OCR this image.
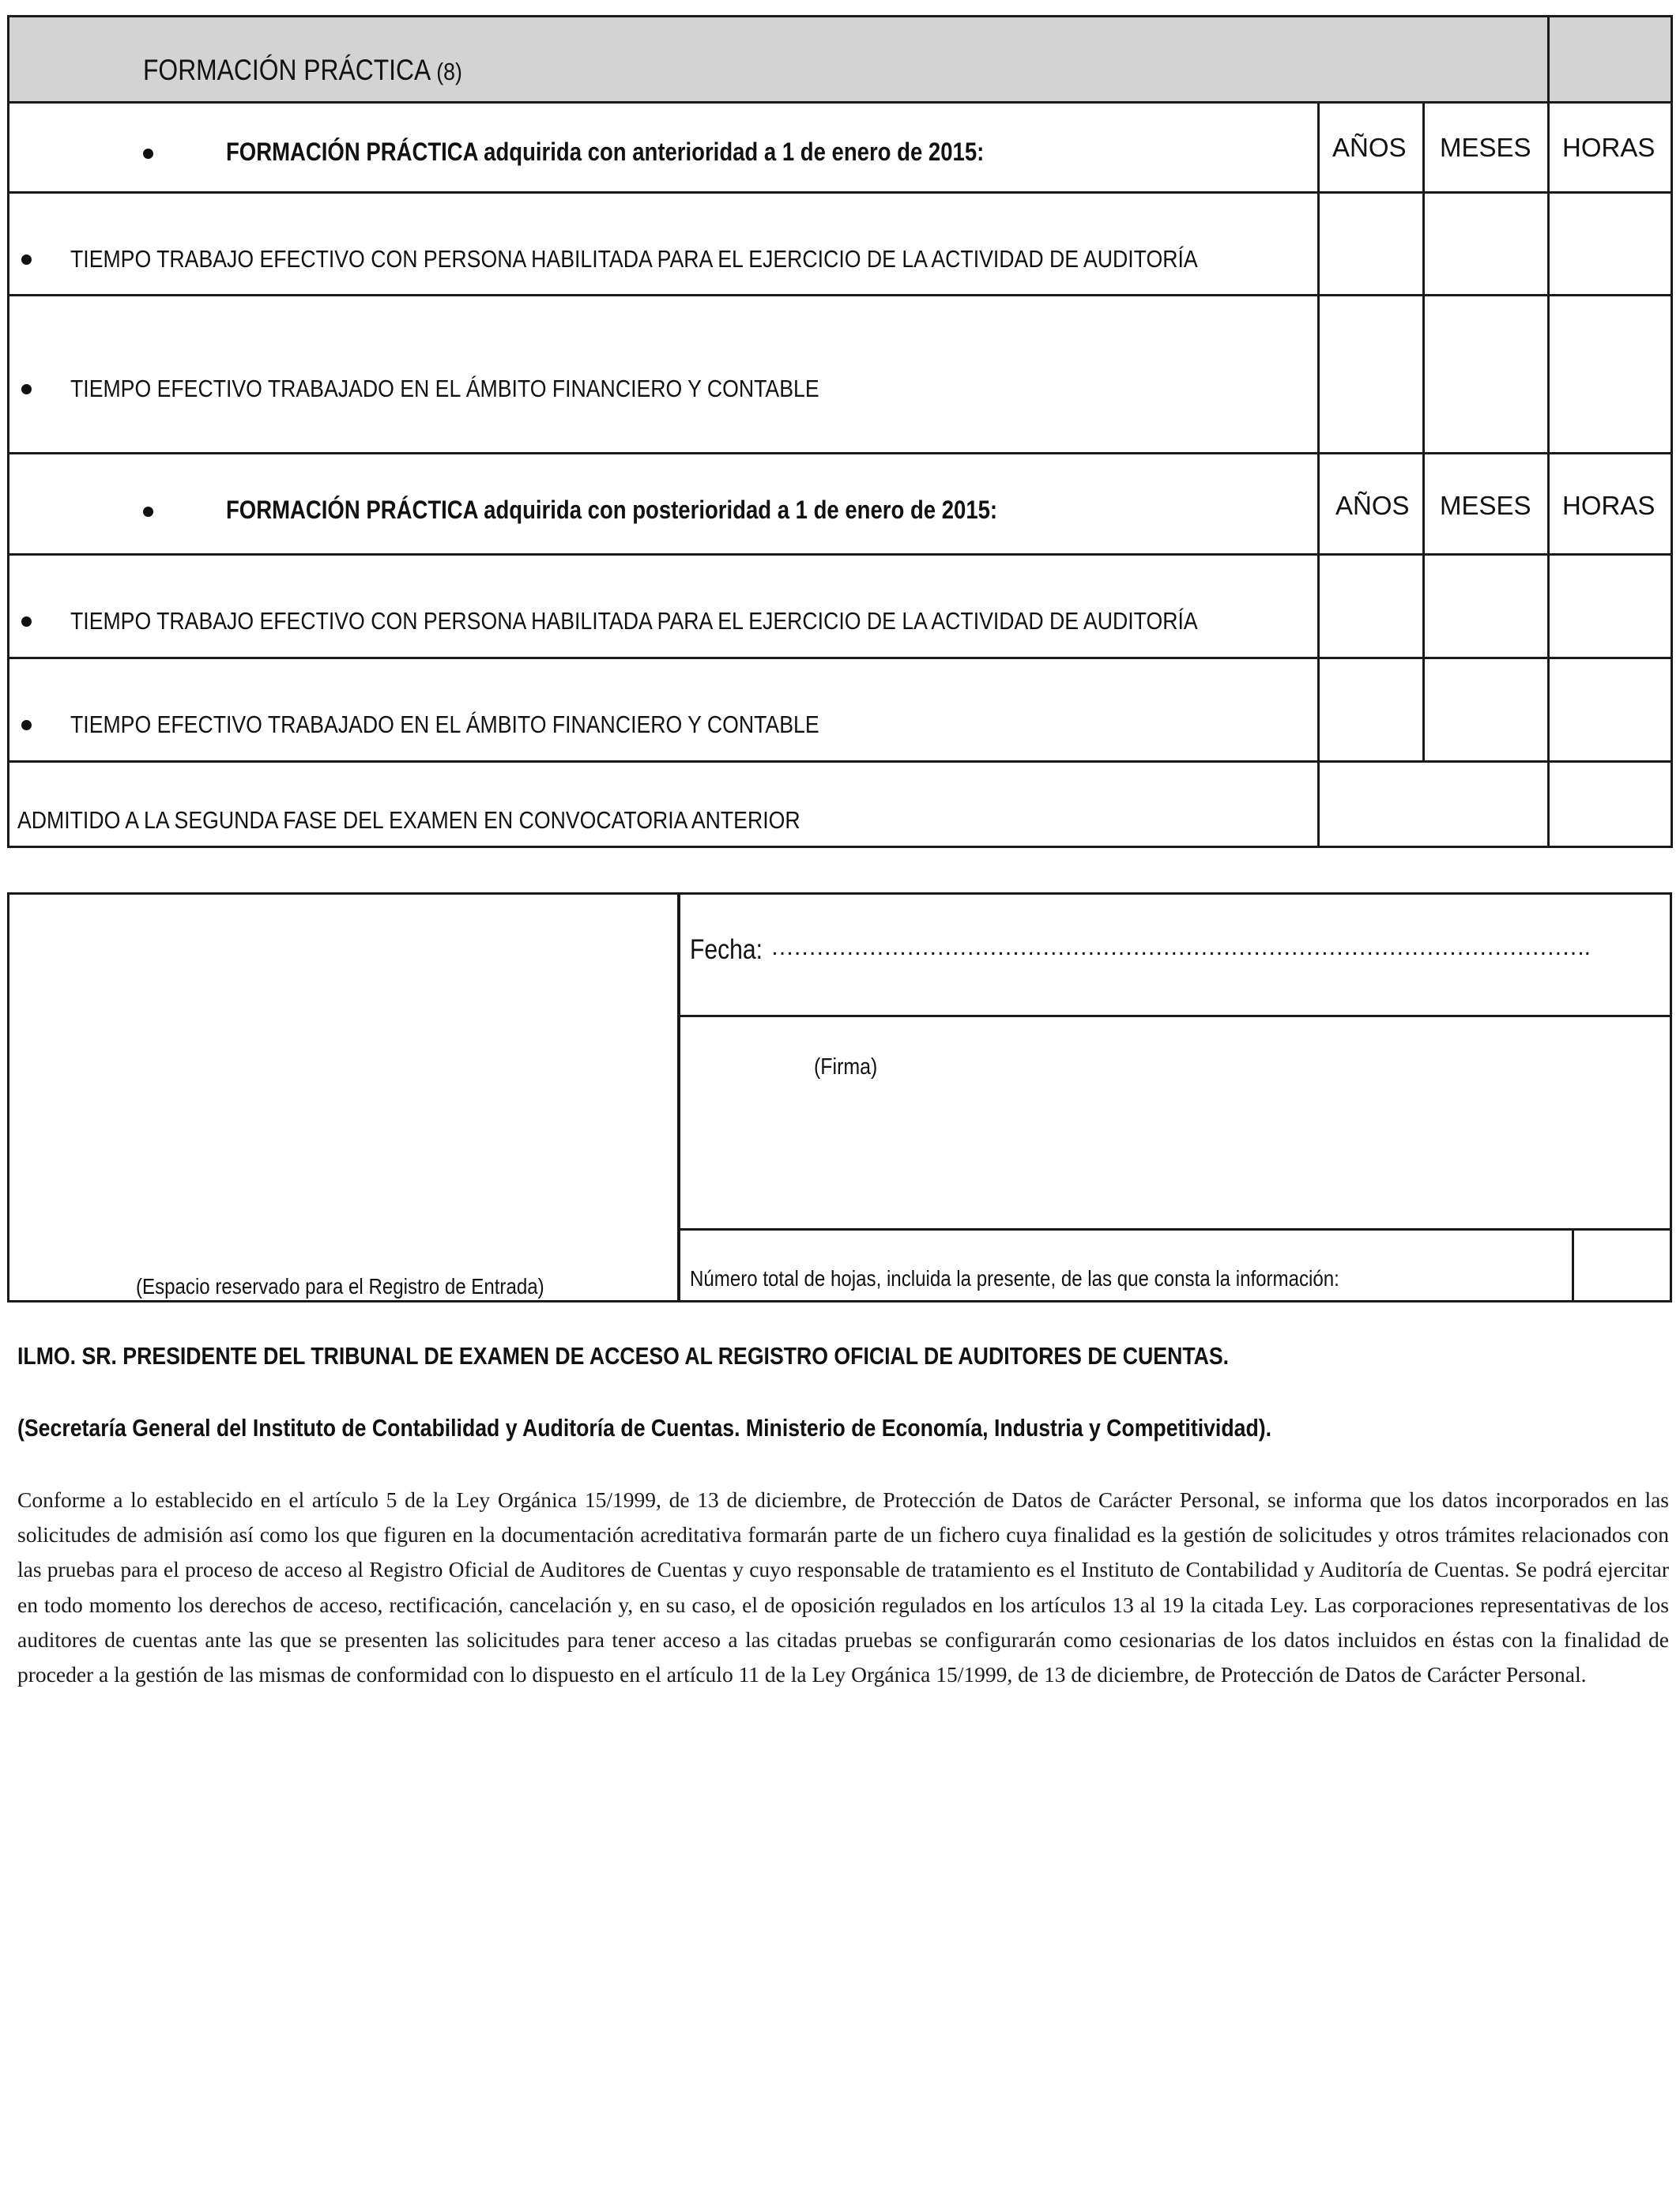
FORMACIÓN PRÁCTICA (8)
FORMACIÓN PRÁCTICA adquirida con anterioridad a 1 de enero de 2015:	AÑOS MESES HORAS
TIEMPO TRABAJO EFECTIVO CON PERSONA HABILITADA PARA EL EJERCICIO DE LA ACTIVIDAD DE AUDITORÍA
TIEMPO EFECTIVO TRABAJADO EN EL ÁMBITO FINANCIERO Y CONTABLE
FORMACIÓN PRÁCTICA adquirida con posterioridad a 1 de enero de 2015:	AÑOS MESES HORAS
TIEMPO TRABAJO EFECTIVO CON PERSONA HABILITADA PARA EL EJERCICIO DE LA ACTIVIDAD DE AUDITORÍA
TIEMPO EFECTIVO TRABAJADO EN EL ÁMBITO FINANCIERO Y CONTABLE
ADMITIDO A LA SEGUNDA FASE DEL EXAMEN EN CONVOCATORIA ANTERIOR
(Espacio reservado para el Registro de Entrada)
Fecha: ……………………………………………………………………………………………….
(Firma)
Número total de hojas, incluida la presente, de las que consta la información:
ILMO. SR. PRESIDENTE DEL TRIBUNAL DE EXAMEN DE ACCESO AL REGISTRO OFICIAL DE AUDITORES DE CUENTAS.
(Secretaría General del Instituto de Contabilidad y Auditoría de Cuentas. Ministerio de Economía, Industria y Competitividad).
Conforme a lo establecido en el artículo 5 de la Ley Orgánica 15/1999, de 13 de diciembre, de Protección de Datos de Carácter Personal, se informa que los datos incorporados en las solicitudes de admisión así como los que figuren en la documentación acreditativa formarán parte de un fichero cuya finalidad es la gestión de solicitudes y otros trámites relacionados con las pruebas para el proceso de acceso al Registro Oficial de Auditores de Cuentas y cuyo responsable de tratamiento es el Instituto de Contabilidad y Auditoría de Cuentas. Se podrá ejercitar en todo momento los derechos de acceso, rectificación, cancelación y, en su caso, el de oposición regulados en los artículos 13 al 19 la citada Ley. Las corporaciones representativas de los auditores de cuentas ante las que se presenten las solicitudes para tener acceso a las citadas pruebas se configurarán como cesionarias de los datos incluidos en éstas con la finalidad de proceder a la gestión de las mismas de conformidad con lo dispuesto en el artículo 11 de la Ley Orgánica 15/1999, de 13 de diciembre, de Protección de Datos de Carácter Personal.
